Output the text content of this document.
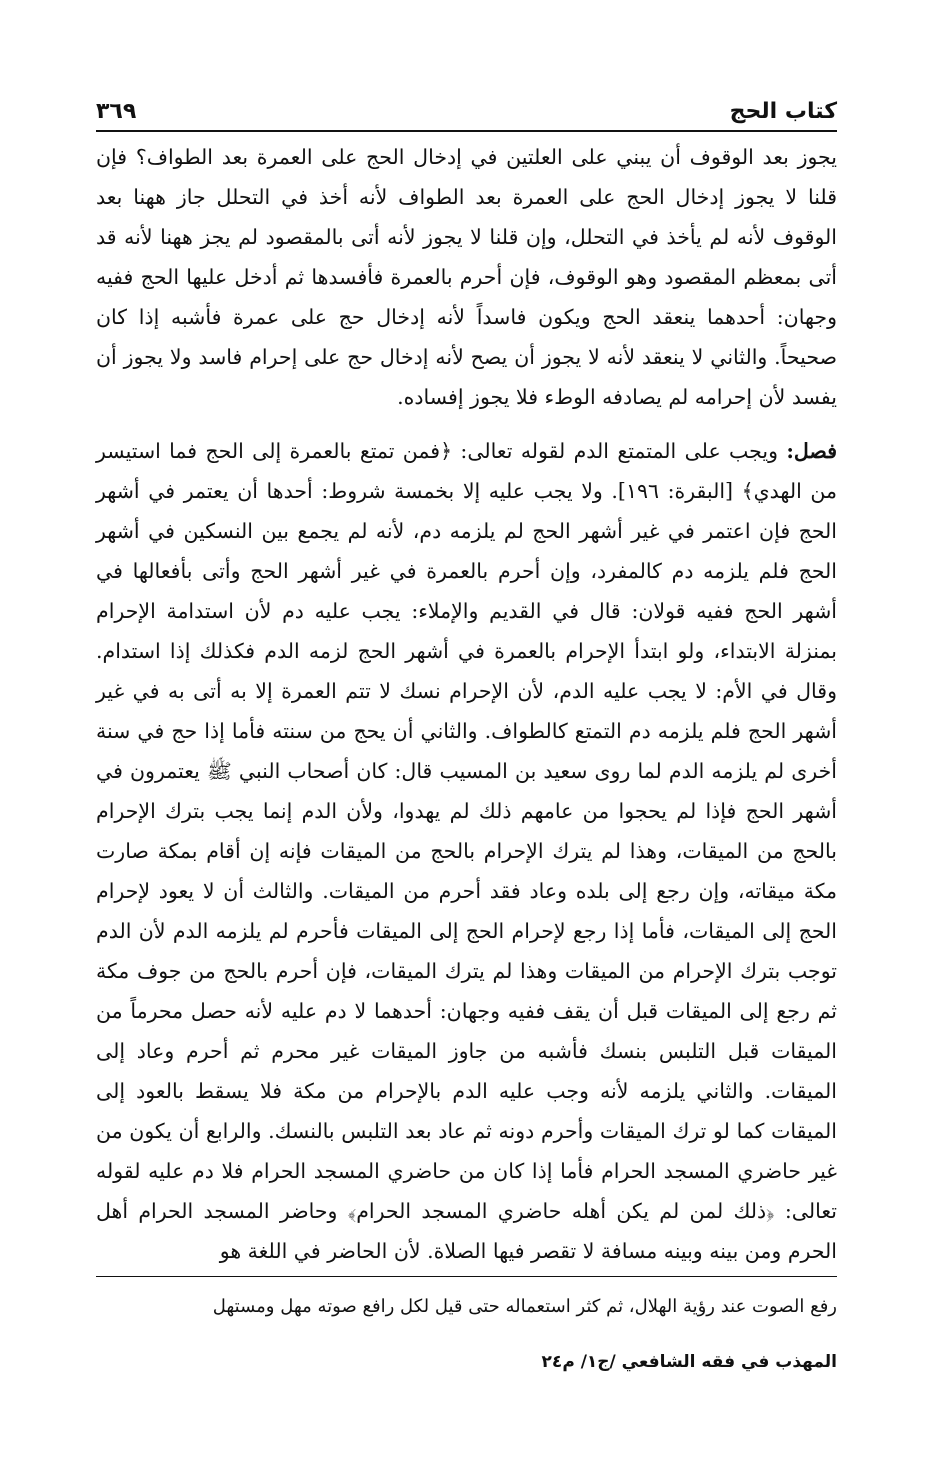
كتاب الحج
٣٦٩

يجوز بعد الوقوف أن يبني على العلتين في إدخال الحج على العمرة بعد الطواف؟ فإن قلنا لا يجوز إدخال الحج على العمرة بعد الطواف لأنه أخذ في التحلل جاز ههنا بعد الوقوف لأنه لم يأخذ في التحلل، وإن قلنا لا يجوز لأنه أتى بالمقصود لم يجز ههنا لأنه قد أتى بمعظم المقصود وهو الوقوف، فإن أحرم بالعمرة فأفسدها ثم أدخل عليها الحج ففيه وجهان: أحدهما ينعقد الحج ويكون فاسداً لأنه إدخال حج على عمرة فأشبه إذا كان صحيحاً. والثاني لا ينعقد لأنه لا يجوز أن يصح لأنه إدخال حج على إحرام فاسد ولا يجوز أن يفسد لأن إحرامه لم يصادفه الوطء فلا يجوز إفساده.

فصل: ويجب على المتمتع الدم لقوله تعالى: ﴿فمن تمتع بالعمرة إلى الحج فما استيسر من الهدي﴾ [البقرة: ١٩٦]. ولا يجب عليه إلا بخمسة شروط: أحدها أن يعتمر في أشهر الحج فإن اعتمر في غير أشهر الحج لم يلزمه دم، لأنه لم يجمع بين النسكين في أشهر الحج فلم يلزمه دم كالمفرد، وإن أحرم بالعمرة في غير أشهر الحج وأتى بأفعالها في أشهر الحج ففيه قولان: قال في القديم والإملاء: يجب عليه دم لأن استدامة الإحرام بمنزلة الابتداء، ولو ابتدأ الإحرام بالعمرة في أشهر الحج لزمه الدم فكذلك إذا استدام. وقال في الأم: لا يجب عليه الدم، لأن الإحرام نسك لا تتم العمرة إلا به أتى به في غير أشهر الحج فلم يلزمه دم التمتع كالطواف. والثاني أن يحج من سنته فأما إذا حج في سنة أخرى لم يلزمه الدم لما روى سعيد بن المسيب قال: كان أصحاب النبي ﷺ يعتمرون في أشهر الحج فإذا لم يحجوا من عامهم ذلك لم يهدوا، ولأن الدم إنما يجب بترك الإحرام بالحج من الميقات، وهذا لم يترك الإحرام بالحج من الميقات فإنه إن أقام بمكة صارت مكة ميقاته، وإن رجع إلى بلده وعاد فقد أحرم من الميقات. والثالث أن لا يعود لإحرام الحج إلى الميقات، فأما إذا رجع لإحرام الحج إلى الميقات فأحرم لم يلزمه الدم لأن الدم توجب بترك الإحرام من الميقات وهذا لم يترك الميقات، فإن أحرم بالحج من جوف مكة ثم رجع إلى الميقات قبل أن يقف ففيه وجهان: أحدهما لا دم عليه لأنه حصل محرماً من الميقات قبل التلبس بنسك فأشبه من جاوز الميقات غير محرم ثم أحرم وعاد إلى الميقات. والثاني يلزمه لأنه وجب عليه الدم بالإحرام من مكة فلا يسقط بالعود إلى الميقات كما لو ترك الميقات وأحرم دونه ثم عاد بعد التلبس بالنسك. والرابع أن يكون من غير حاضري المسجد الحرام فأما إذا كان من حاضري المسجد الحرام فلا دم عليه لقوله تعالى: ﴿ذلك لمن لم يكن أهله حاضري المسجد الحرام﴾ وحاضر المسجد الحرام أهل الحرم ومن بينه وبينه مسافة لا تقصر فيها الصلاة. لأن الحاضر في اللغة هو

رفع الصوت عند رؤية الهلال، ثم كثر استعماله حتى قيل لكل رافع صوته مهل ومستهل
المهذب في فقه الشافعي /ج١/ م٢٤
